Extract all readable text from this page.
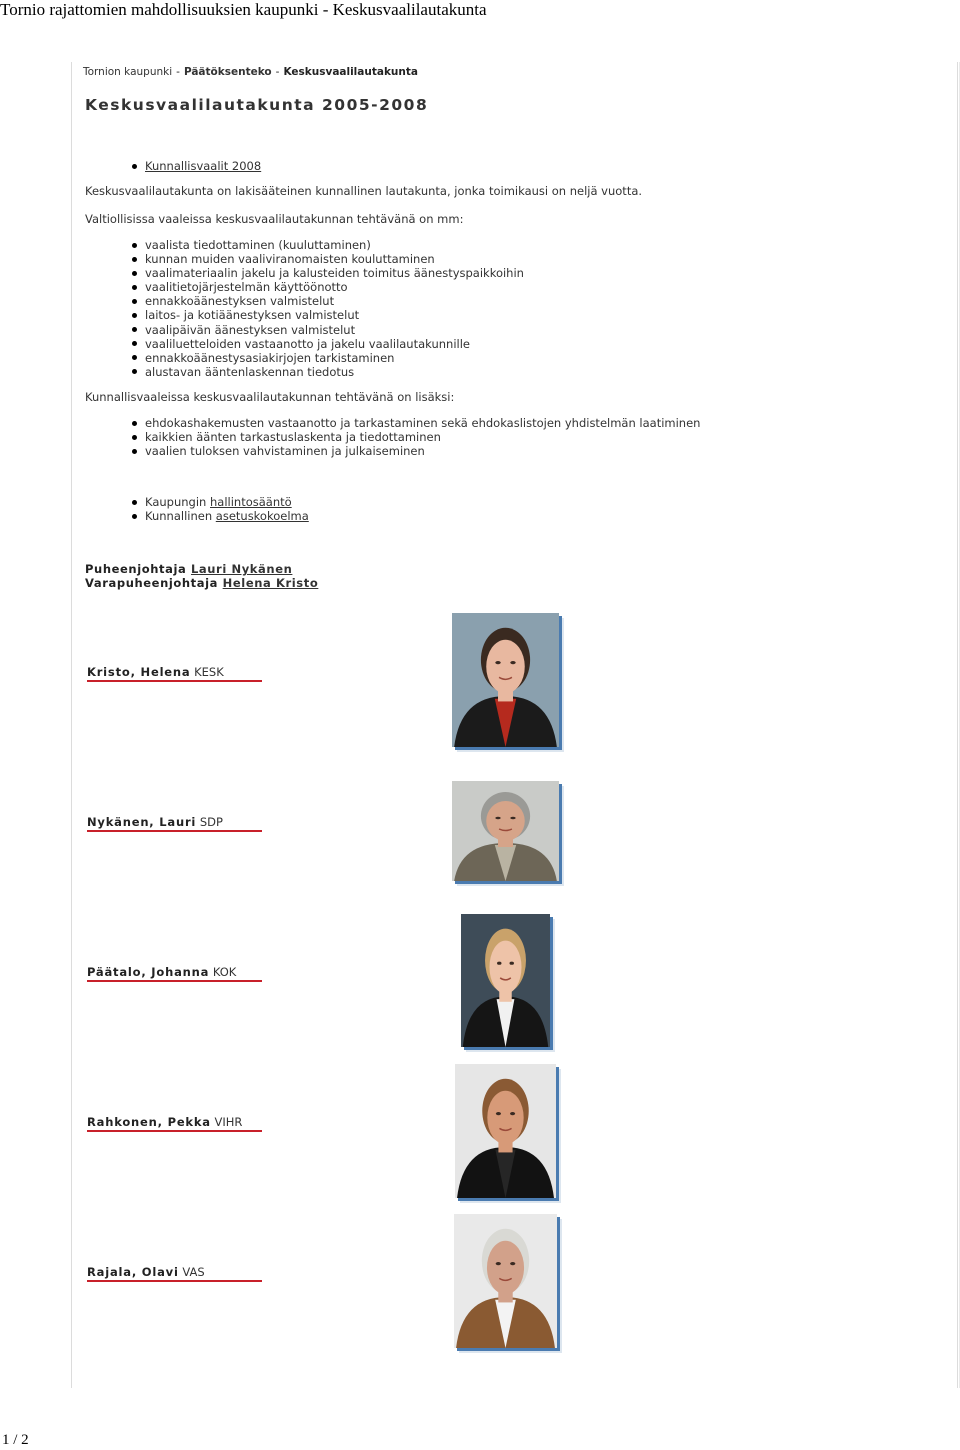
Tornio rajattomien mahdollisuuksien kaupunki - Keskusvaalilautakunta
Tornion kaupunki - Päätöksenteko - Keskusvaalilautakunta
Keskusvaalilautakunta 2005-2008
Kunnallisvaalit 2008

Keskusvaalilautakunta on lakisääteinen kunnallinen lautakunta, jonka toimikausi on neljä vuotta.

Valtiollisissa vaaleissa keskusvaalilautakunnan tehtävänä on mm:

vaalista tiedottaminen (kuuluttaminen)
kunnan muiden vaaliviranomaisten kouluttaminen
vaalimateriaalin jakelu ja kalusteiden toimitus äänestyspaikkoihin
vaalitietojärjestelmän käyttöönotto
ennakkoäänestyksen valmistelut
laitos- ja kotiäänestyksen valmistelut
vaalipäivän äänestyksen valmistelut
vaaliluetteloiden vastaanotto ja jakelu vaalilautakunnille
ennakkoäänestysasiakirjojen tarkistaminen
alustavan ääntenlaskennan tiedotus

Kunnallisvaaleissa keskusvaalilautakunnan tehtävänä on lisäksi:

ehdokashakemusten vastaanotto ja tarkastaminen sekä ehdokaslistojen yhdistelmän laatiminen
kaikkien äänten tarkastuslaskenta ja tiedottaminen
vaalien tuloksen vahvistaminen ja julkaiseminen
Kaupungin hallintosääntö
Kunnallinen asetuskokoelma
Puheenjohtaja Lauri Nykänen
Varapuheenjohtaja Helena Kristo
Kristo, Helena KESK
Nykänen, Lauri SDP
Päätalo, Johanna KOK
Rahkonen, Pekka VIHR
Rajala, Olavi VAS
1 / 2
